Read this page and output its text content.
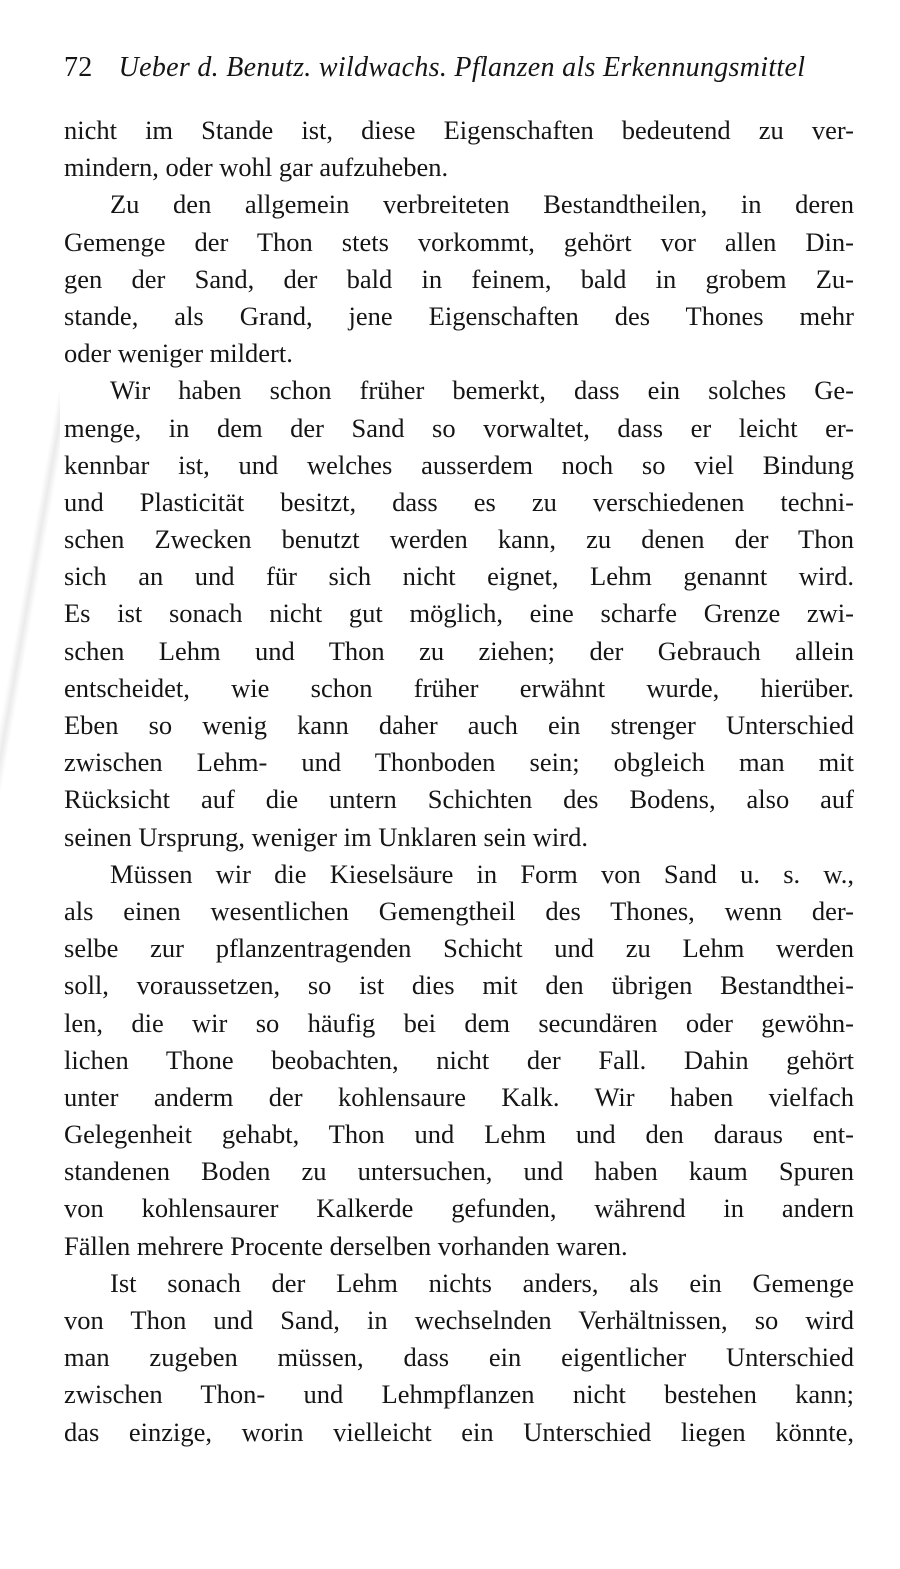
72 Ueber d. Benutz. wildwachs. Pflanzen als Erkennungsmittel
nicht im Stande ist, diese Eigenschaften bedeutend zu ver-
mindern, oder wohl gar aufzuheben.
Zu den allgemein verbreiteten Bestandtheilen, in deren
Gemenge der Thon stets vorkommt, gehört vor allen Din-
gen der Sand, der bald in feinem, bald in grobem Zu-
stande, als Grand, jene Eigenschaften des Thones mehr
oder weniger mildert.
Wir haben schon früher bemerkt, dass ein solches Ge-
menge, in dem der Sand so vorwaltet, dass er leicht er-
kennbar ist, und welches ausserdem noch so viel Bindung
und Plasticität besitzt, dass es zu verschiedenen techni-
schen Zwecken benutzt werden kann, zu denen der Thon
sich an und für sich nicht eignet, Lehm genannt wird.
Es ist sonach nicht gut möglich, eine scharfe Grenze zwi-
schen Lehm und Thon zu ziehen; der Gebrauch allein
entscheidet, wie schon früher erwähnt wurde, hierüber.
Eben so wenig kann daher auch ein strenger Unterschied
zwischen Lehm- und Thonboden sein; obgleich man mit
Rücksicht auf die untern Schichten des Bodens, also auf
seinen Ursprung, weniger im Unklaren sein wird.
Müssen wir die Kieselsäure in Form von Sand u. s. w.,
als einen wesentlichen Gemengtheil des Thones, wenn der-
selbe zur pflanzentragenden Schicht und zu Lehm werden
soll, voraussetzen, so ist dies mit den übrigen Bestandthei-
len, die wir so häufig bei dem secundären oder gewöhn-
lichen Thone beobachten, nicht der Fall. Dahin gehört
unter anderm der kohlensaure Kalk. Wir haben vielfach
Gelegenheit gehabt, Thon und Lehm und den daraus ent-
standenen Boden zu untersuchen, und haben kaum Spuren
von kohlensaurer Kalkerde gefunden, während in andern
Fällen mehrere Procente derselben vorhanden waren.
Ist sonach der Lehm nichts anders, als ein Gemenge
von Thon und Sand, in wechselnden Verhältnissen, so wird
man zugeben müssen, dass ein eigentlicher Unterschied
zwischen Thon- und Lehmpflanzen nicht bestehen kann;
das einzige, worin vielleicht ein Unterschied liegen könnte,
